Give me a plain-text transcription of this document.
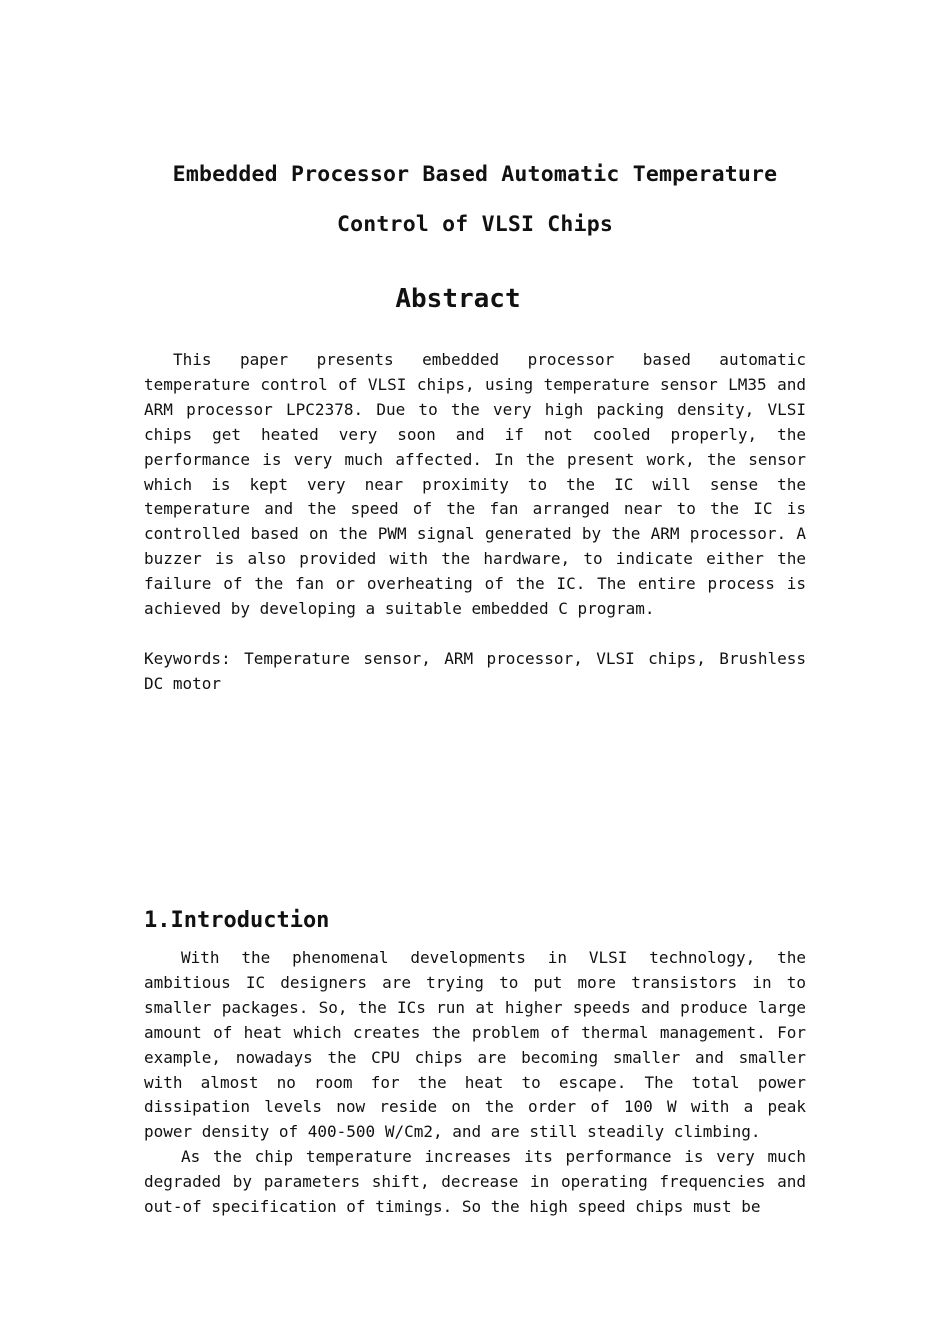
Embedded Processor Based Automatic Temperature
Control of VLSI Chips
Abstract

This paper presents embedded processor based automatic temperature control of VLSI chips, using temperature sensor LM35 and ARM processor LPC2378. Due to the very high packing density, VLSI chips get heated very soon and if not cooled properly, the performance is very much affected. In the present work, the sensor which is kept very near proximity to the IC will sense the temperature and the speed of the fan arranged near to the IC is controlled based on the PWM signal generated by the ARM processor. A buzzer is also provided with the hardware, to indicate either the failure of the fan or overheating of the IC. The entire process is achieved by developing a suitable embedded C program.

Keywords: Temperature sensor, ARM processor, VLSI chips, Brushless DC motor

1.Introduction

With the phenomenal developments in VLSI technology, the ambitious IC designers are trying to put more transistors in to smaller packages. So, the ICs run at higher speeds and produce large amount of heat which creates the problem of thermal management. For example, nowadays the CPU chips are becoming smaller and smaller with almost no room for the heat to escape. The total power dissipation levels now reside on the order of 100 W with a peak power density of 400-500 W/Cm2, and are still steadily climbing.

As the chip temperature increases its performance is very much degraded by parameters shift, decrease in operating frequencies and out-of specification of timings. So the high speed chips must be
